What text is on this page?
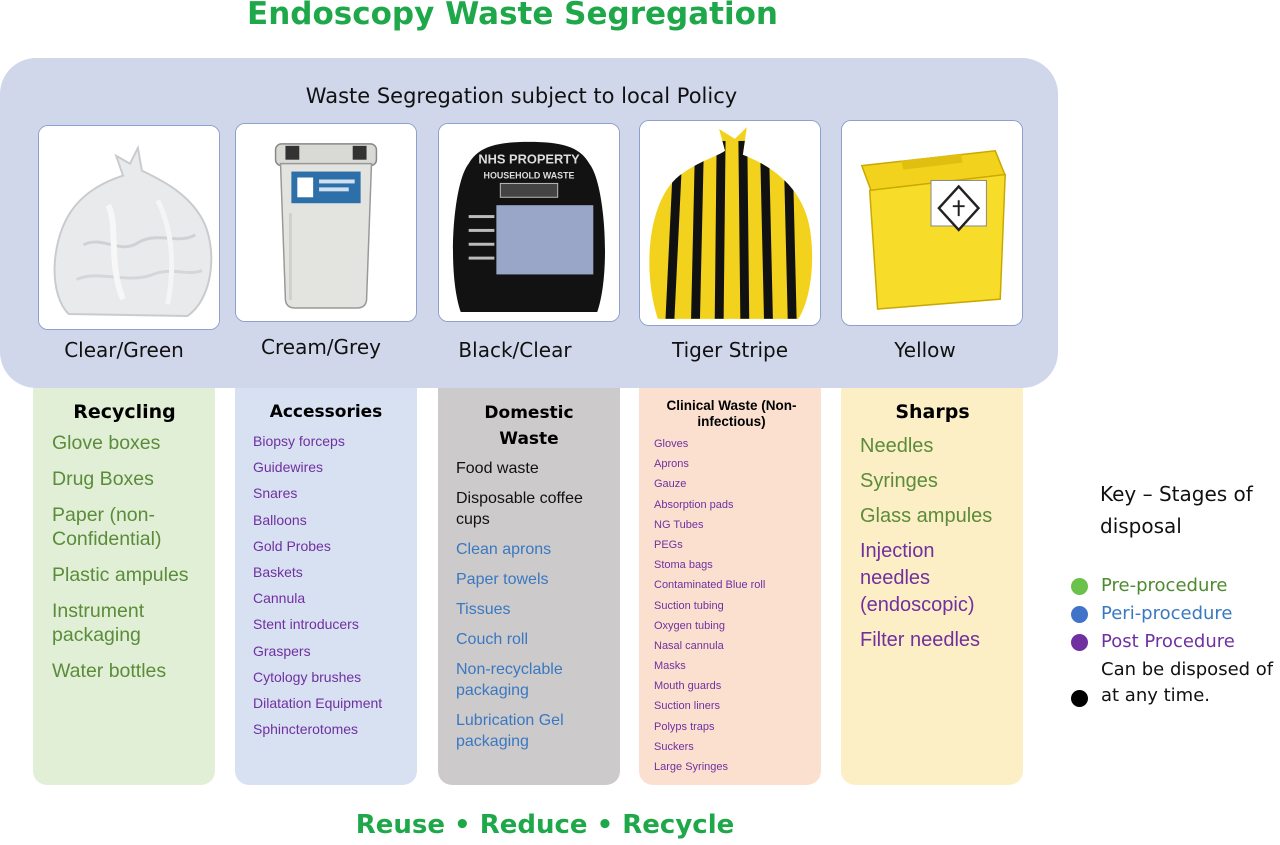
Endoscopy Waste Segregation
Waste Segregation subject to local Policy
NHS PROPERTY
HOUSEHOLD WASTE
Clear/Green	Cream/Grey	Black/Clear	Tiger Stripe	Yellow
Recycling
Glove boxes
Drug Boxes
Paper (non-Confidential)
Plastic ampules
Instrument packaging
Water bottles
Accessories
Biopsy forceps
Guidewires
Snares
Balloons
Gold Probes
Baskets
Cannula
Stent introducers
Graspers
Cytology brushes
Dilatation Equipment
Sphincterotomes
Domestic Waste
Food waste
Disposable coffee cups
Clean aprons
Paper towels
Tissues
Couch roll
Non-recyclable packaging
Lubrication Gel packaging
Clinical Waste (Non-infectious)
Gloves
Aprons
Gauze
Absorption pads
NG Tubes
PEGs
Stoma bags
Contaminated Blue roll
Suction tubing
Oxygen tubing
Nasal cannula
Masks
Mouth guards
Suction liners
Polyps traps
Suckers
Large Syringes
Sharps
Needles
Syringes
Glass ampules
Injection needles (endoscopic)
Filter needles
Key – Stages of disposal
Pre-procedure
Peri-procedure
Post Procedure
Can be disposed of at any time.
Reuse • Reduce • Recycle
